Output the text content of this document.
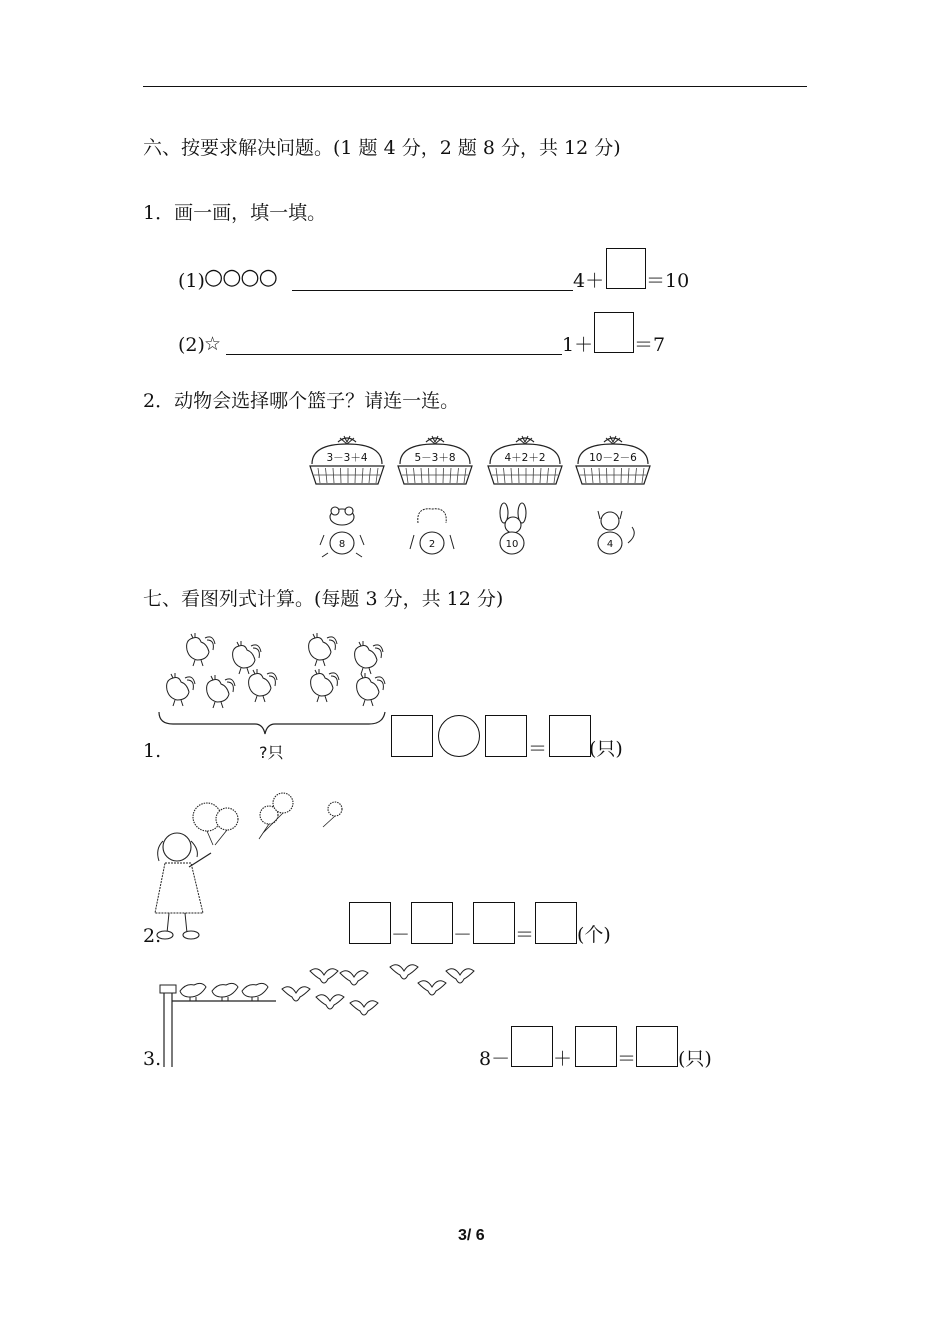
六、按要求解决问题。(1 题 4 分，2 题 8 分，共 12 分)
1．画一画，填一填。
(1) ○○○○	4＋ ＝10
(2) ☆	1＋ ＝7
2．动物会选择哪个篮子？请连一连。
3－3＋4	5－3＋8	4＋2＋2	10－2－6
8	2	10	4
七、看图列式计算。(每题 3 分，共 12 分)
1.	?只	＝ (只)
2.	－ － ＝ (个)
3.	8－ ＋ ＝ (只)
3/ 6
